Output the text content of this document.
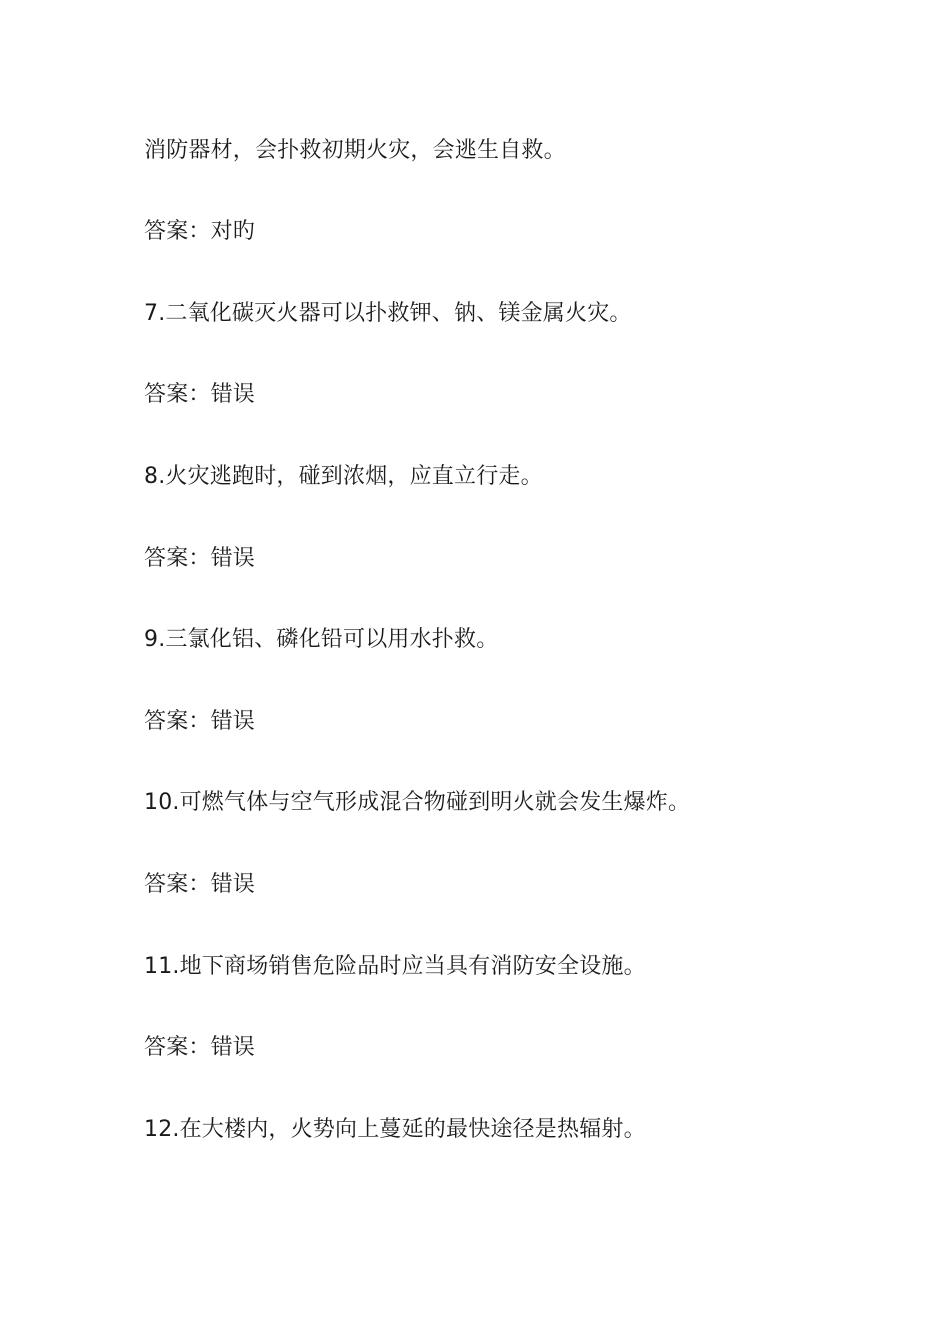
消防器材，会扑救初期火灾，会逃生自救。
答案：对旳
7.二氧化碳灭火器可以扑救钾、钠、镁金属火灾。
答案：错误
8.火灾逃跑时，碰到浓烟，应直立行走。
答案：错误
9.三氯化铝、磷化铅可以用水扑救。
答案：错误
10.可燃气体与空气形成混合物碰到明火就会发生爆炸。
答案：错误
11.地下商场销售危险品时应当具有消防安全设施。
答案：错误
12.在大楼内，火势向上蔓延的最快途径是热辐射。
